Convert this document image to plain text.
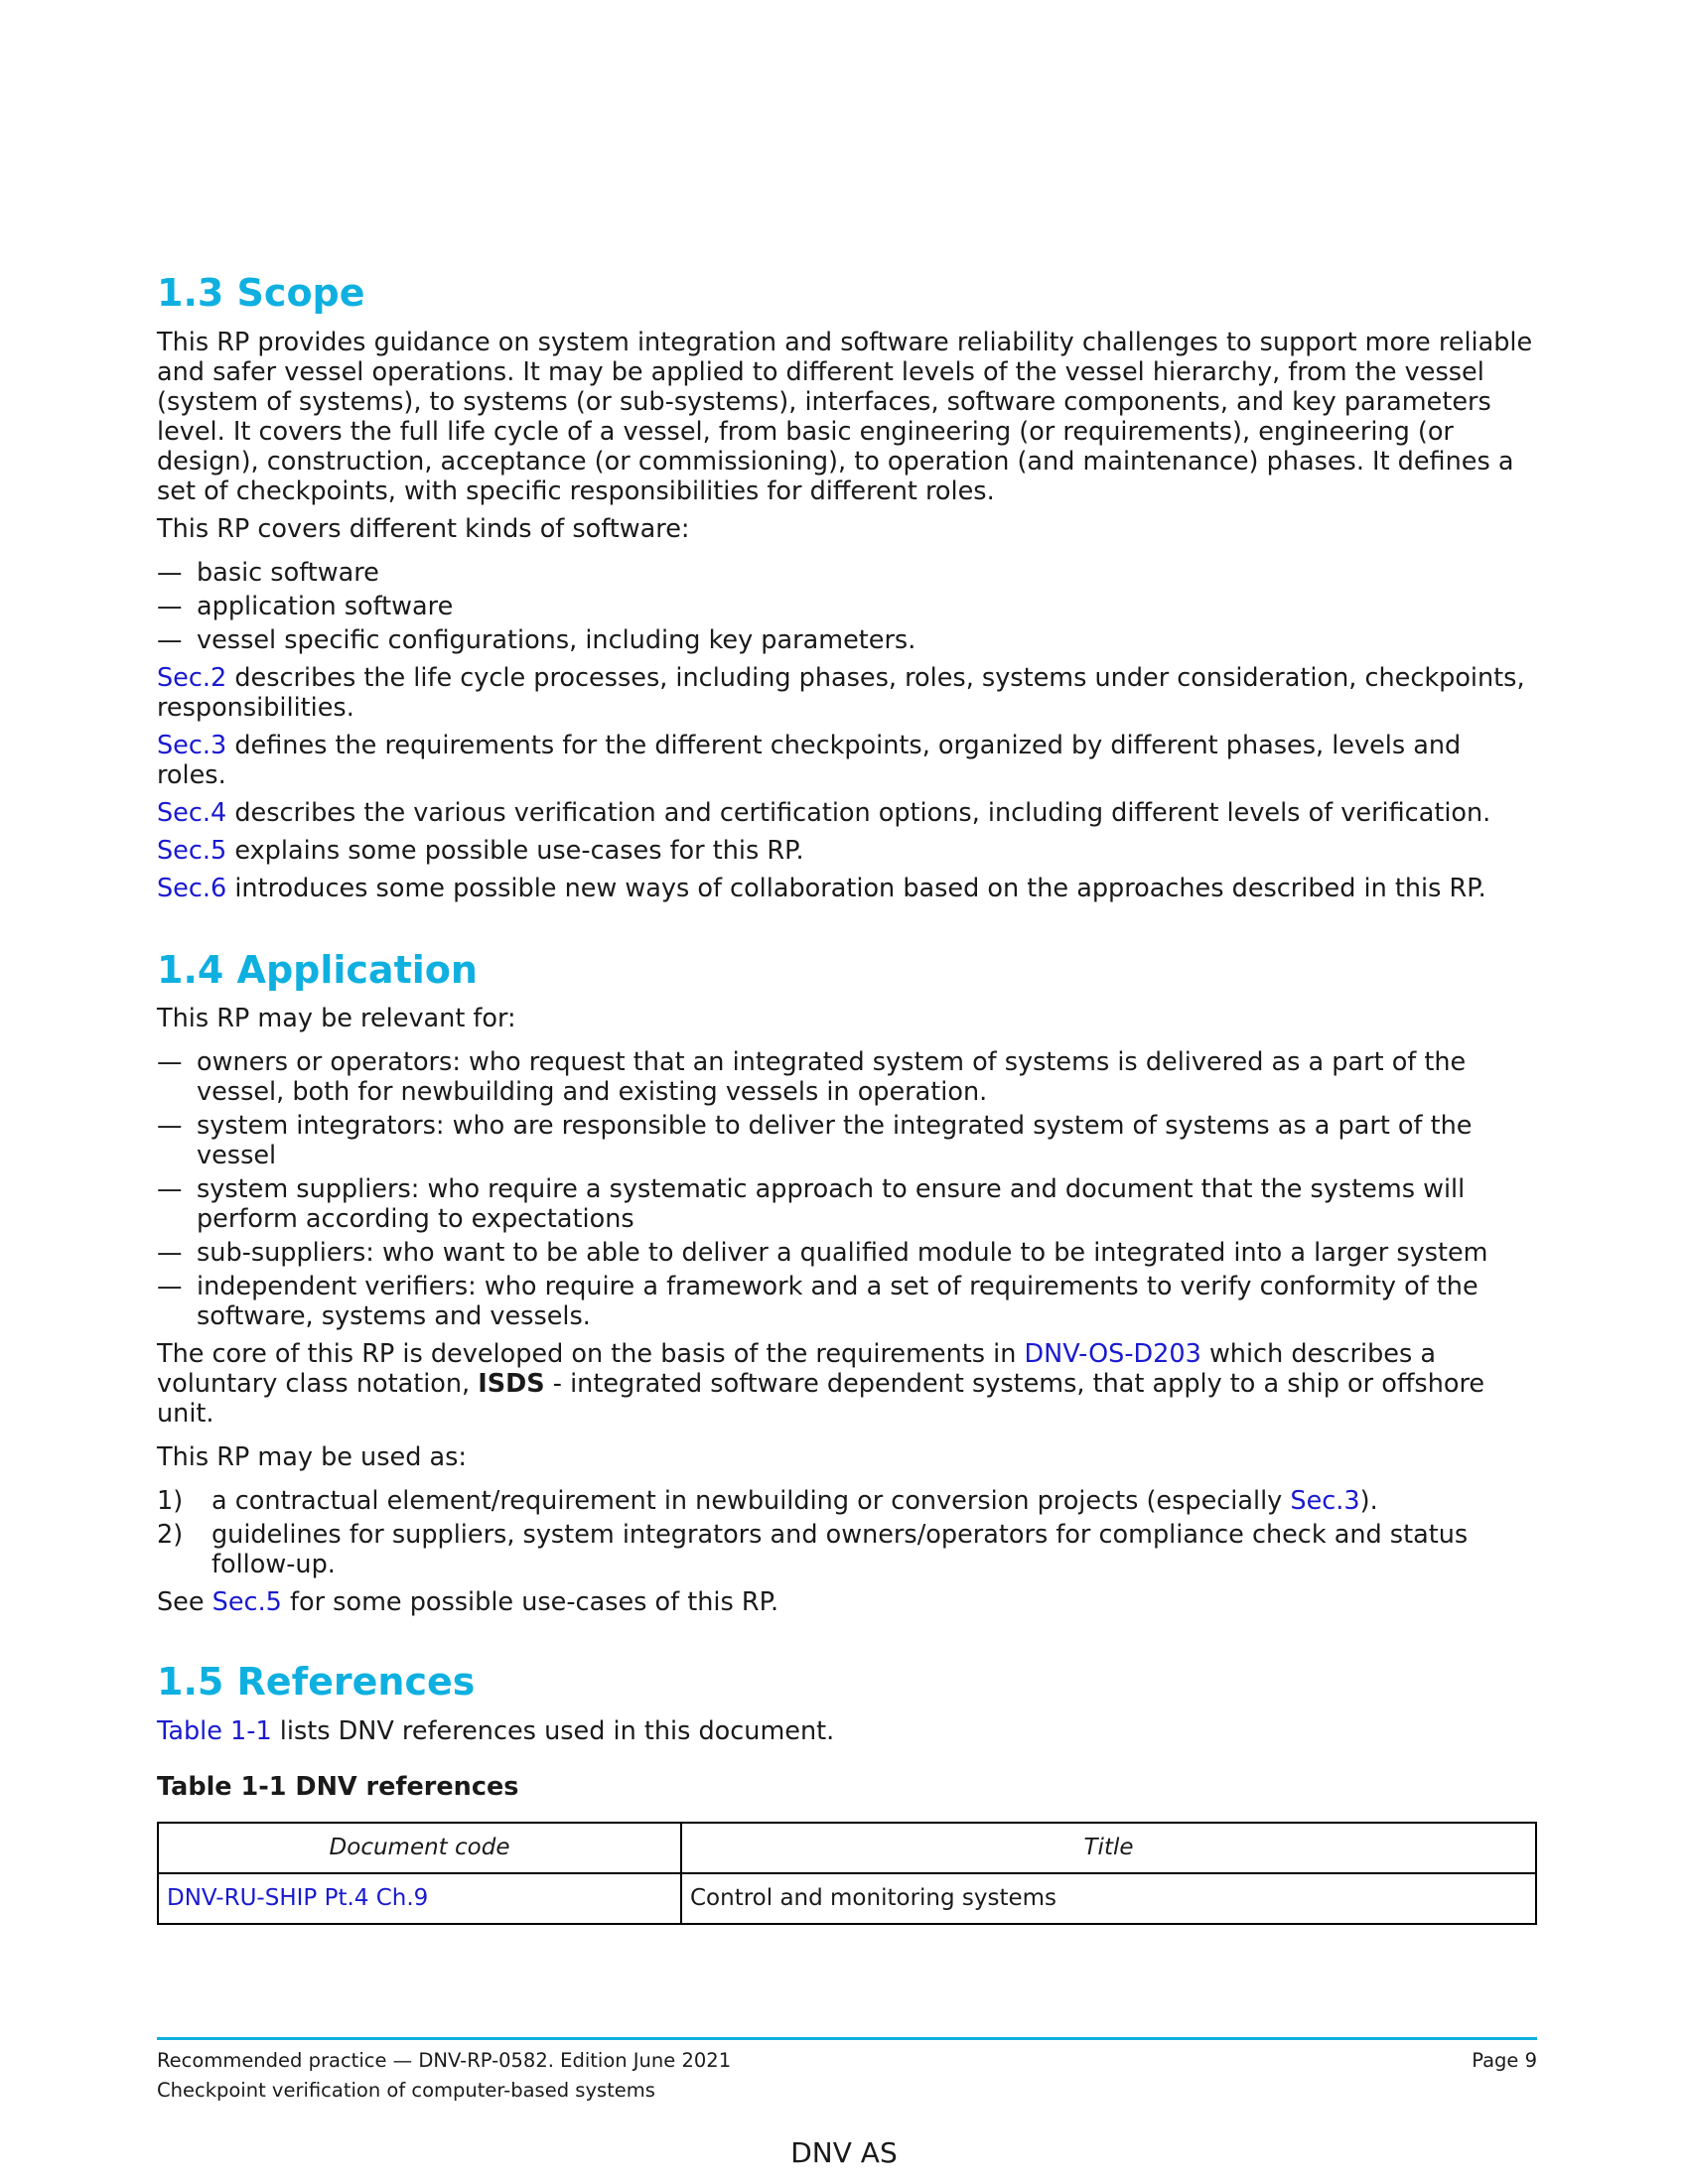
1.3 Scope

This RP provides guidance on system integration and software reliability challenges to support more reliable and safer vessel operations. It may be applied to different levels of the vessel hierarchy, from the vessel (system of systems), to systems (or sub-systems), interfaces, software components, and key parameters level. It covers the full life cycle of a vessel, from basic engineering (or requirements), engineering (or design), construction, acceptance (or commissioning), to operation (and maintenance) phases. It defines a set of checkpoints, with specific responsibilities for different roles.

This RP covers different kinds of software:

— basic software
— application software
— vessel specific configurations, including key parameters.

Sec.2 describes the life cycle processes, including phases, roles, systems under consideration, checkpoints, responsibilities.

Sec.3 defines the requirements for the different checkpoints, organized by different phases, levels and roles.

Sec.4 describes the various verification and certification options, including different levels of verification.

Sec.5 explains some possible use-cases for this RP.

Sec.6 introduces some possible new ways of collaboration based on the approaches described in this RP.

1.4 Application

This RP may be relevant for:

— owners or operators: who request that an integrated system of systems is delivered as a part of the vessel, both for newbuilding and existing vessels in operation.
— system integrators: who are responsible to deliver the integrated system of systems as a part of the vessel
— system suppliers: who require a systematic approach to ensure and document that the systems will perform according to expectations
— sub-suppliers: who want to be able to deliver a qualified module to be integrated into a larger system
— independent verifiers: who require a framework and a set of requirements to verify conformity of the software, systems and vessels.

The core of this RP is developed on the basis of the requirements in DNV-OS-D203 which describes a voluntary class notation, ISDS - integrated software dependent systems, that apply to a ship or offshore unit.

This RP may be used as:

1) a contractual element/requirement in newbuilding or conversion projects (especially Sec.3).
2) guidelines for suppliers, system integrators and owners/operators for compliance check and status follow-up.

See Sec.5 for some possible use-cases of this RP.

1.5 References

Table 1-1 lists DNV references used in this document.

Table 1-1 DNV references
Document code	Title
DNV-RU-SHIP Pt.4 Ch.9	Control and monitoring systems
Recommended practice — DNV-RP-0582. Edition June 2021	Page 9
Checkpoint verification of computer-based systems
DNV AS
